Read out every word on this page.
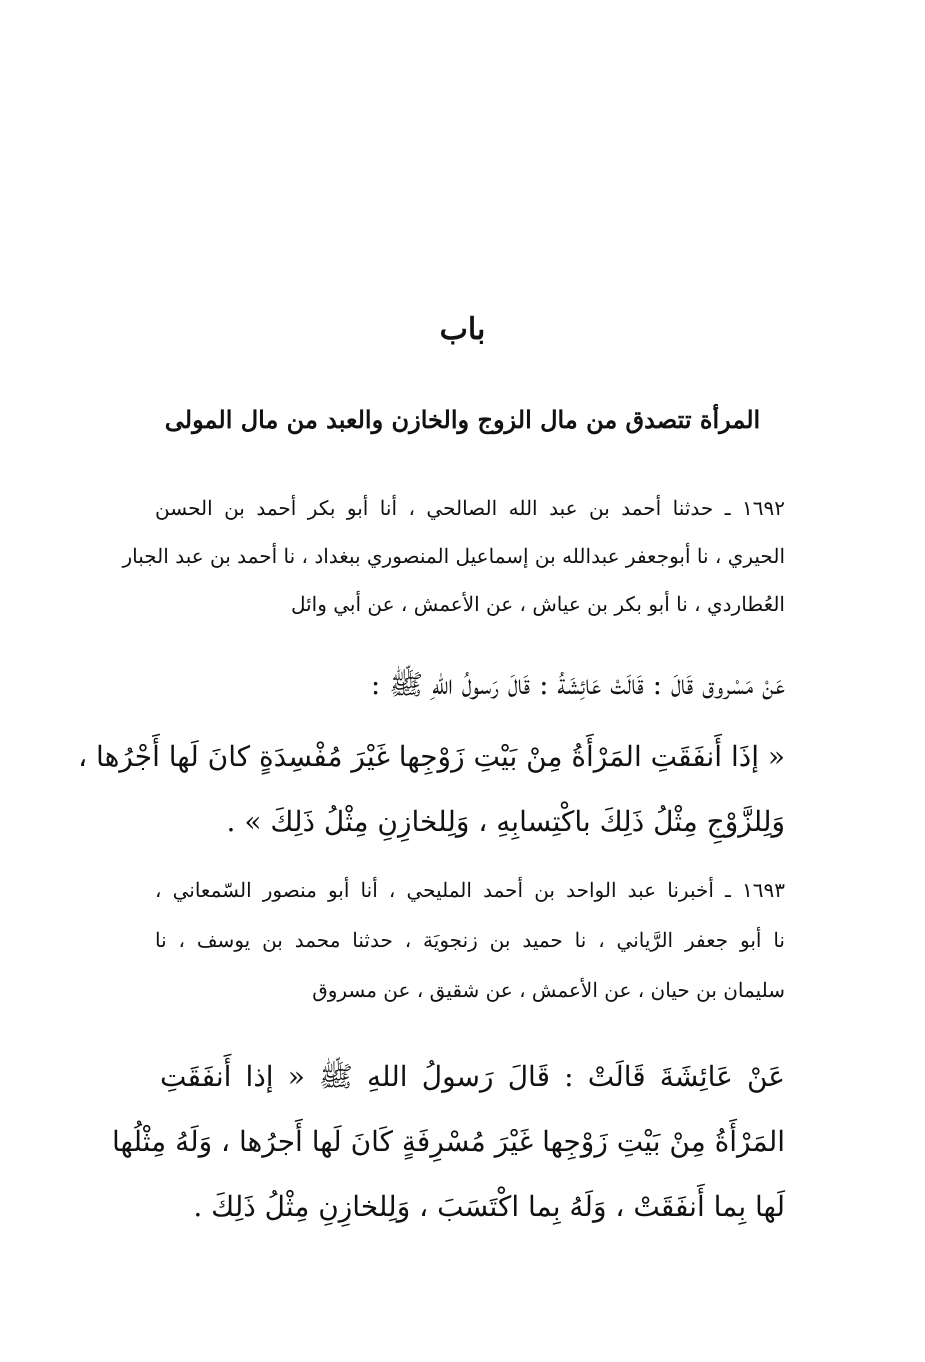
باب
المرأة تتصدق من مال الزوج والخازن والعبد من مال المولى
١٦٩٢ ـ حدثنا أحمد بن عبد الله الصالحي ، أنا أبو بكر أحمد بن الحسن
الحيري ، نا أبوجعفر عبدالله بن إسماعيل المنصوري ببغداد ، نا أحمد بن عبد الجبار
العُطاردي ، نا أبو بكر بن عياش ، عن الأعمش ، عن أبي وائل
عَنْ مَسْروق قَالَ : قَالَتْ عَائِشَةُ : قَالَ رَسولُ اللهِ ﷺ :
« إذَا أَنفَقَتِ المَرْأَةُ مِنْ بَيْتِ زَوْجِها غَيْرَ مُفْسِدَةٍ كانَ لَها أَجْرُها ،
وَلِلزَّوْجِ مِثْلُ ذَلِكَ باكْتِسابِهِ ، وَلِلخازِنِ مِثْلُ ذَلِكَ » .
١٦٩٣ ـ أخبرنا عبد الواحد بن أحمد المليحي ، أنا أبو منصور السّمعاني ،
نا أبو جعفر الرَّياني ، نا حميد بن زنجويَة ، حدثنا محمد بن يوسف ، نا
سليمان بن حيان ، عن الأعمش ، عن شقيق ، عن مسروق
عَنْ عَائِشَةَ قَالَتْ : قَالَ رَسولُ اللهِ ﷺ « إذا أَنفَقَتِ
المَرْأَةُ مِنْ بَيْتِ زَوْجِها غَيْرَ مُسْرِفَةٍ كَانَ لَها أَجرُها ، وَلَهُ مِثْلُها
لَها بِما أَنفَقَتْ ، وَلَهُ بِما اكْتَسَبَ ، وَلِلخازِنِ مِثْلُ ذَلِكَ .
